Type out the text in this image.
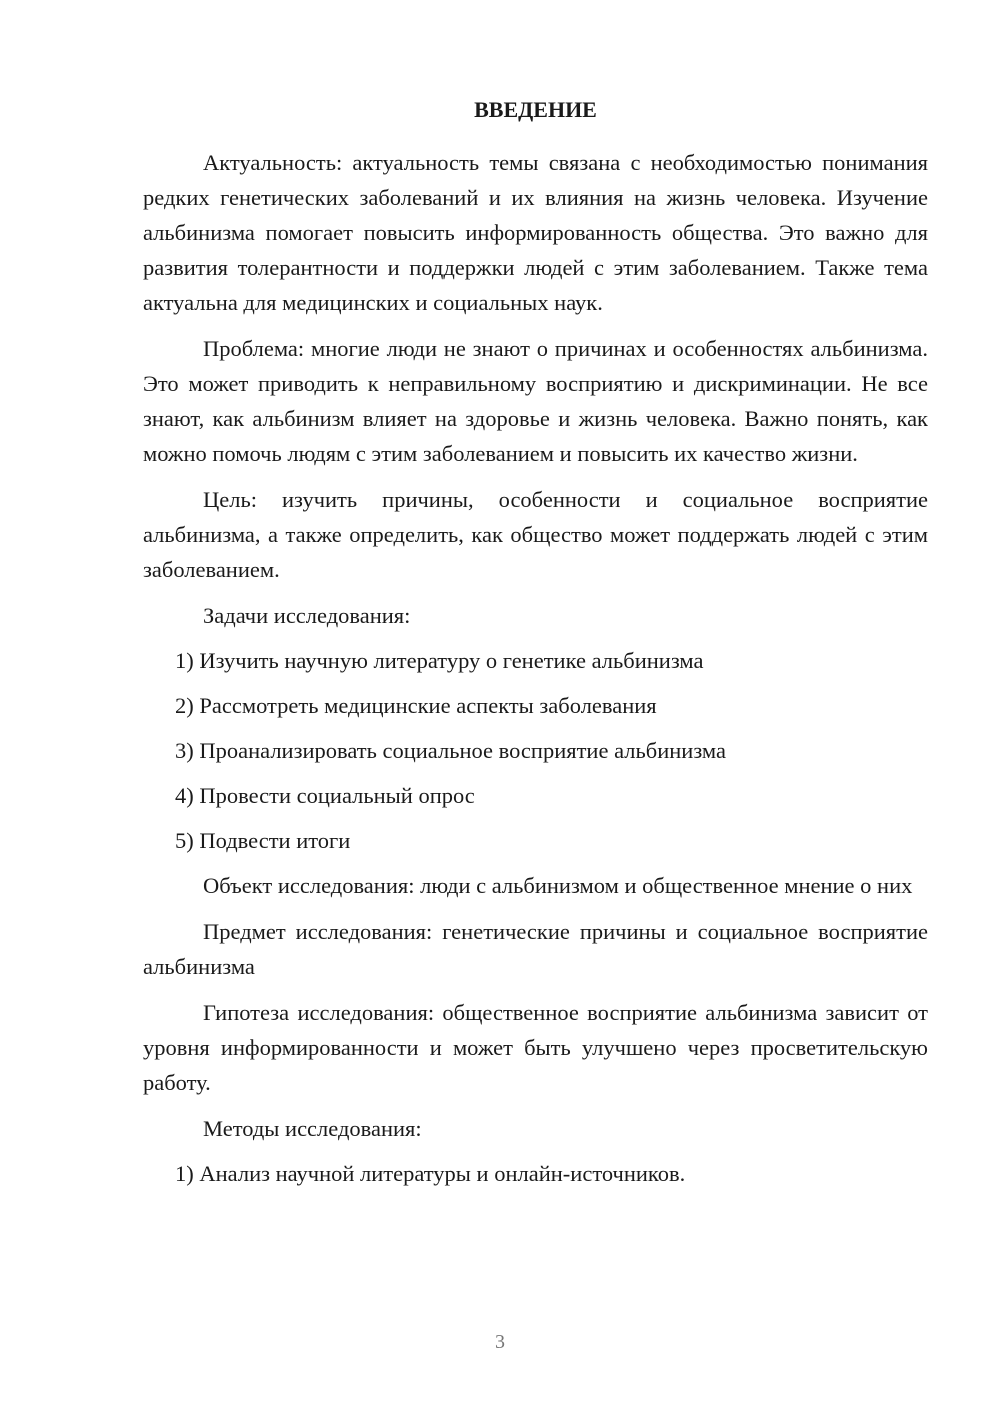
ВВЕДЕНИЕ

Актуальность: актуальность темы связана с необходимостью понимания редких генетических заболеваний и их влияния на жизнь человека. Изучение альбинизма помогает повысить информированность общества. Это важно для развития толерантности и поддержки людей с этим заболеванием. Также тема актуальна для медицинских и социальных наук.

Проблема: многие люди не знают о причинах и особенностях альбинизма. Это может приводить к неправильному восприятию и дискриминации. Не все знают, как альбинизм влияет на здоровье и жизнь человека. Важно понять, как можно помочь людям с этим заболеванием и повысить их качество жизни.

Цель: изучить причины, особенности и социальное восприятие альбинизма, а также определить, как общество может поддержать людей с этим заболеванием.

Задачи исследования:

1) Изучить научную литературу о генетике альбинизма
2) Рассмотреть медицинские аспекты заболевания
3) Проанализировать социальное восприятие альбинизма
4) Провести социальный опрос
5) Подвести итоги

Объект исследования: люди с альбинизмом и общественное мнение о них

Предмет исследования: генетические причины и социальное восприятие альбинизма

Гипотеза исследования: общественное восприятие альбинизма зависит от уровня информированности и может быть улучшено через просветительскую работу.

Методы исследования:

1) Анализ научной литературы и онлайн-источников.
3
